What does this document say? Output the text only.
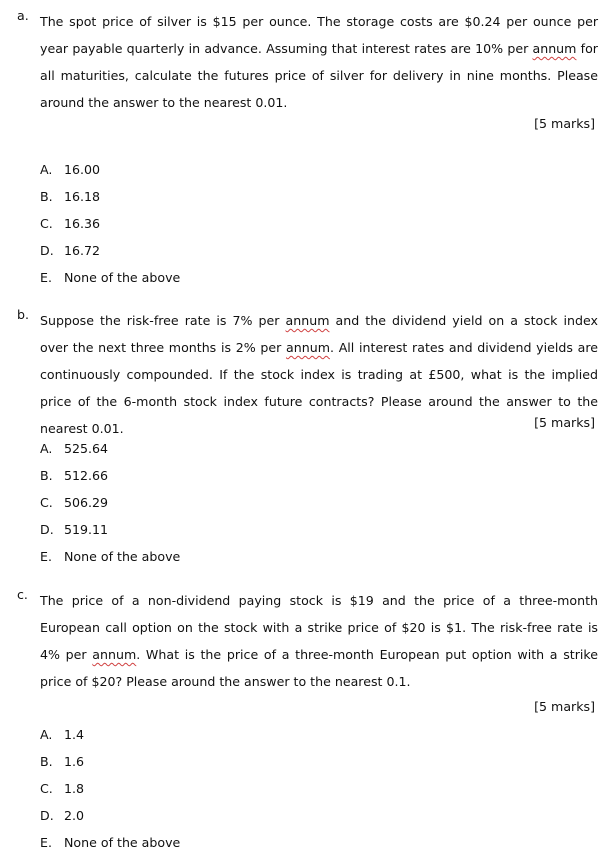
a. The spot price of silver is $15 per ounce. The storage costs are $0.24 per ounce per year payable quarterly in advance. Assuming that interest rates are 10% per annum for all maturities, calculate the futures price of silver for delivery in nine months. Please around the answer to the nearest 0.01.

[5 marks]
A. 16.00
B. 16.18
C. 16.36
D. 16.72
E. None of the above
b. Suppose the risk-free rate is 7% per annum and the dividend yield on a stock index over the next three months is 2% per annum. All interest rates and dividend yields are continuously compounded. If the stock index is trading at £500, what is the implied price of the 6-month stock index future contracts? Please around the answer to the nearest 0.01.	[5 marks]
A. 525.64
B. 512.66
C. 506.29
D. 519.11
E. None of the above
c. The price of a non-dividend paying stock is $19 and the price of a three-month European call option on the stock with a strike price of $20 is $1. The risk-free rate is 4% per annum. What is the price of a three-month European put option with a strike price of $20? Please around the answer to the nearest 0.1.

[5 marks]
A. 1.4
B. 1.6
C. 1.8
D. 2.0
E. None of the above
